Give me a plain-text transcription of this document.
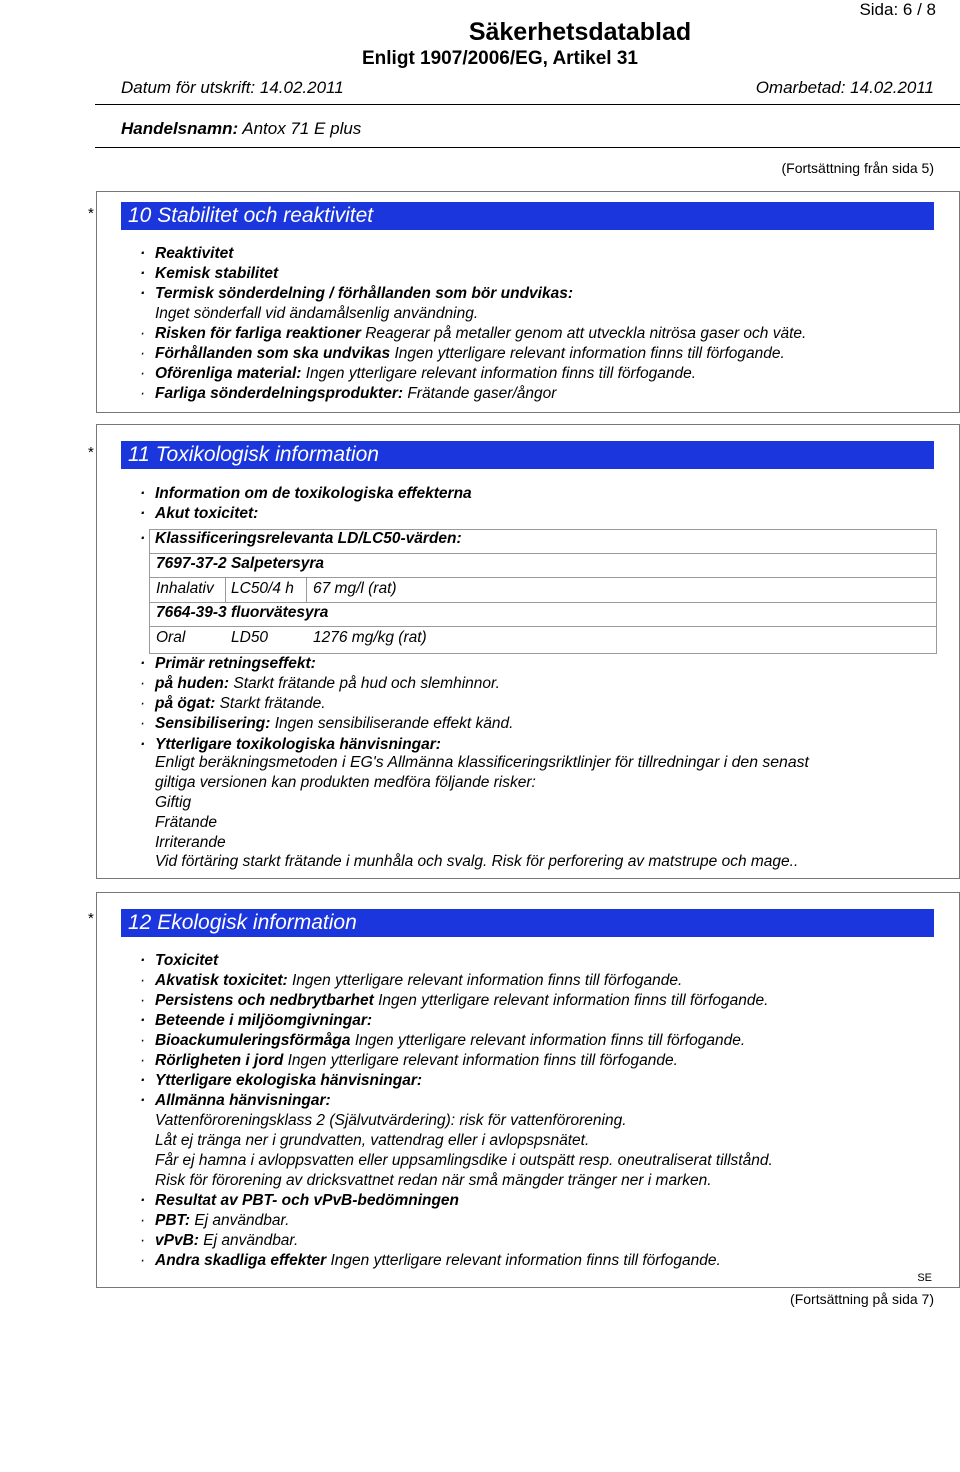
Sida: 6 / 8
Säkerhetsdatablad
Enligt 1907/2006/EG, Artikel 31
Datum för utskrift: 14.02.2011	Omarbetad: 14.02.2011
Handelsnamn: Antox 71 E plus
(Fortsättning från sida 5)
*	10 Stabilitet och reaktivitet
· Reaktivitet
· Kemisk stabilitet
· Termisk sönderdelning / förhållanden som bör undvikas:
Inget sönderfall vid ändamålsenlig användning.
· Risken för farliga reaktioner Reagerar på metaller genom att utveckla nitrösa gaser och väte.
· Förhållanden som ska undvikas Ingen ytterligare relevant information finns till förfogande.
· Oförenliga material: Ingen ytterligare relevant information finns till förfogande.
· Farliga sönderdelningsprodukter: Frätande gaser/ångor
*	11 Toxikologisk information
· Information om de toxikologiska effekterna
· Akut toxicitet:
· Klassificeringsrelevanta LD/LC50-värden:
7697-37-2 Salpetersyra
Inhalativ LC50/4 h 67 mg/l (rat)
7664-39-3 fluorvätesyra
Oral	LD50	1276 mg/kg (rat)
· Primär retningseffekt:
· på huden: Starkt frätande på hud och slemhinnor.
· på ögat: Starkt frätande.
· Sensibilisering: Ingen sensibiliserande effekt känd.
· Ytterligare toxikologiska hänvisningar:
Enligt beräkningsmetoden i EG's Allmänna klassificeringsriktlinjer för tillredningar i den senast
giltiga versionen kan produkten medföra följande risker:
Giftig
Frätande
Irriterande
Vid förtäring starkt frätande i munhåla och svalg. Risk för perforering av matstrupe och mage..
*	12 Ekologisk information
· Toxicitet
· Akvatisk toxicitet: Ingen ytterligare relevant information finns till förfogande.
· Persistens och nedbrytbarhet Ingen ytterligare relevant information finns till förfogande.
· Beteende i miljöomgivningar:
· Bioackumuleringsförmåga Ingen ytterligare relevant information finns till förfogande.
· Rörligheten i jord Ingen ytterligare relevant information finns till förfogande.
· Ytterligare ekologiska hänvisningar:
· Allmänna hänvisningar:
Vattenföroreningsklass 2 (Självutvärdering): risk för vattenförorening.
Låt ej tränga ner i grundvatten, vattendrag eller i avlopspsnätet.
Får ej hamna i avloppsvatten eller uppsamlingsdike i outspätt resp. oneutraliserat tillstånd.
Risk för förorening av dricksvattnet redan när små mängder tränger ner i marken.
· Resultat av PBT- och vPvB-bedömningen
· PBT: Ej användbar.
· vPvB: Ej användbar.
· Andra skadliga effekter Ingen ytterligare relevant information finns till förfogande.
SE
(Fortsättning på sida 7)
